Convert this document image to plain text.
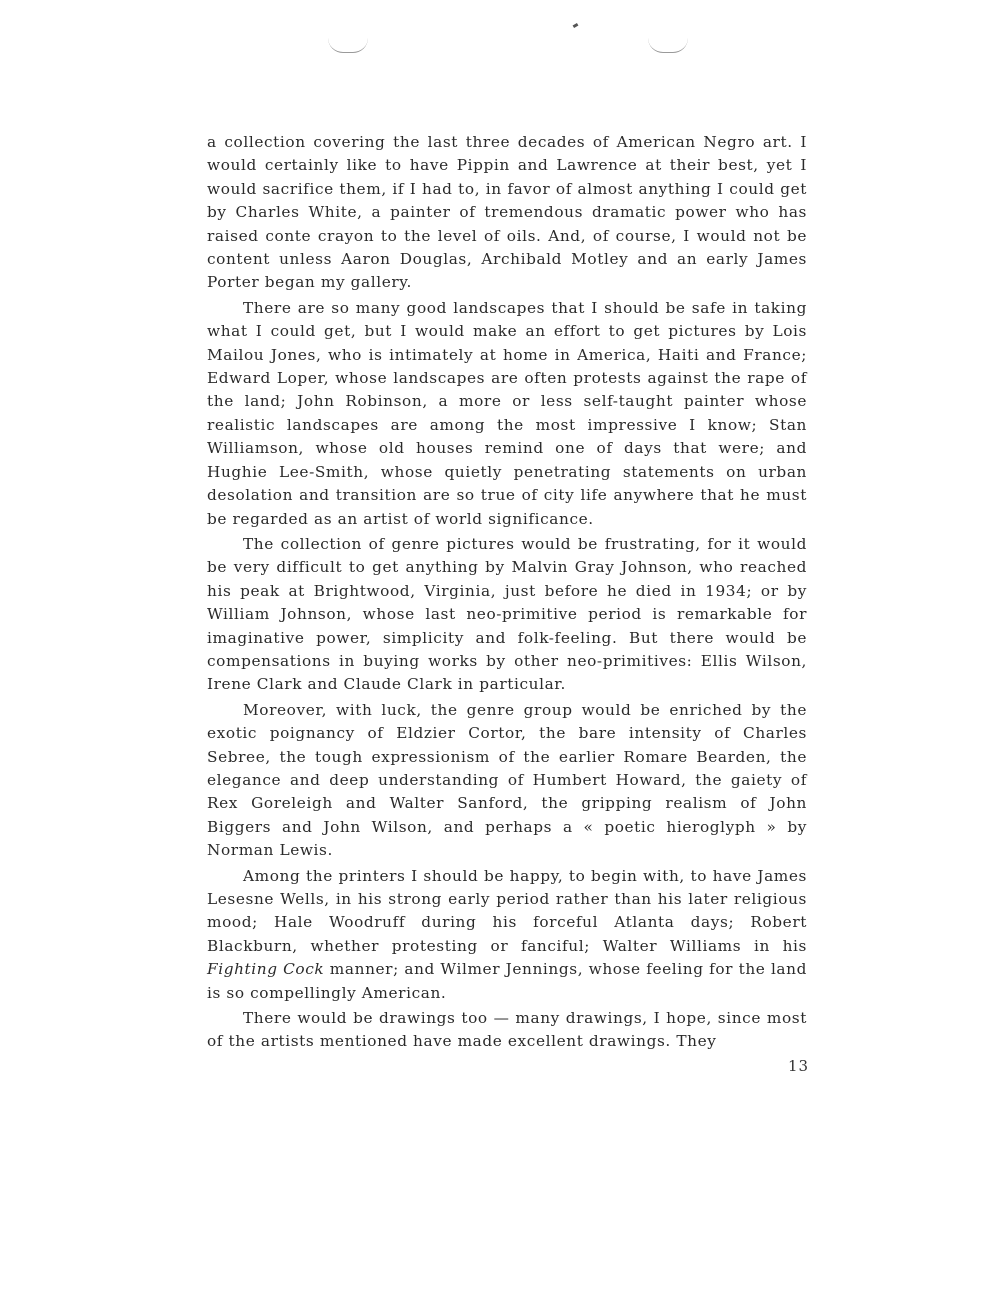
a collection covering the last three decades of American Negro art. I would certainly like to have Pippin and Lawrence at their best, yet I would sacrifice them, if I had to, in favor of almost anything I could get by Charles White, a painter of tremendous dramatic power who has raised conte crayon to the level of oils. And, of course, I would not be content unless Aaron Douglas, Archibald Motley and an early James Porter began my gallery.

There are so many good landscapes that I should be safe in taking what I could get, but I would make an effort to get pictures by Lois Mailou Jones, who is intimately at home in America, Haiti and France; Edward Loper, whose landscapes are often protests against the rape of the land; John Robinson, a more or less self-taught painter whose realistic landscapes are among the most impressive I know; Stan Williamson, whose old houses remind one of days that were; and Hughie Lee-Smith, whose quietly penetrating statements on urban desolation and transition are so true of city life anywhere that he must be regarded as an artist of world significance.

The collection of genre pictures would be frustrating, for it would be very difficult to get anything by Malvin Gray Johnson, who reached his peak at Brightwood, Virginia, just before he died in 1934; or by William Johnson, whose last neo-primitive period is remarkable for imaginative power, simplicity and folk-feeling. But there would be compensations in buying works by other neo-primitives: Ellis Wilson, Irene Clark and Claude Clark in particular.

Moreover, with luck, the genre group would be enriched by the exotic poignancy of Eldzier Cortor, the bare intensity of Charles Sebree, the tough expressionism of the earlier Romare Bearden, the elegance and deep understanding of Humbert Howard, the gaiety of Rex Goreleigh and Walter Sanford, the gripping realism of John Biggers and John Wilson, and perhaps a « poetic hieroglyph » by Norman Lewis.

Among the printers I should be happy, to begin with, to have James Lesesne Wells, in his strong early period rather than his later religious mood; Hale Woodruff during his forceful Atlanta days; Robert Blackburn, whether protesting or fanciful; Walter Williams in his Fighting Cock manner; and Wilmer Jennings, whose feeling for the land is so compellingly American.

There would be drawings too — many drawings, I hope, since most of the artists mentioned have made excellent drawings. They

13
